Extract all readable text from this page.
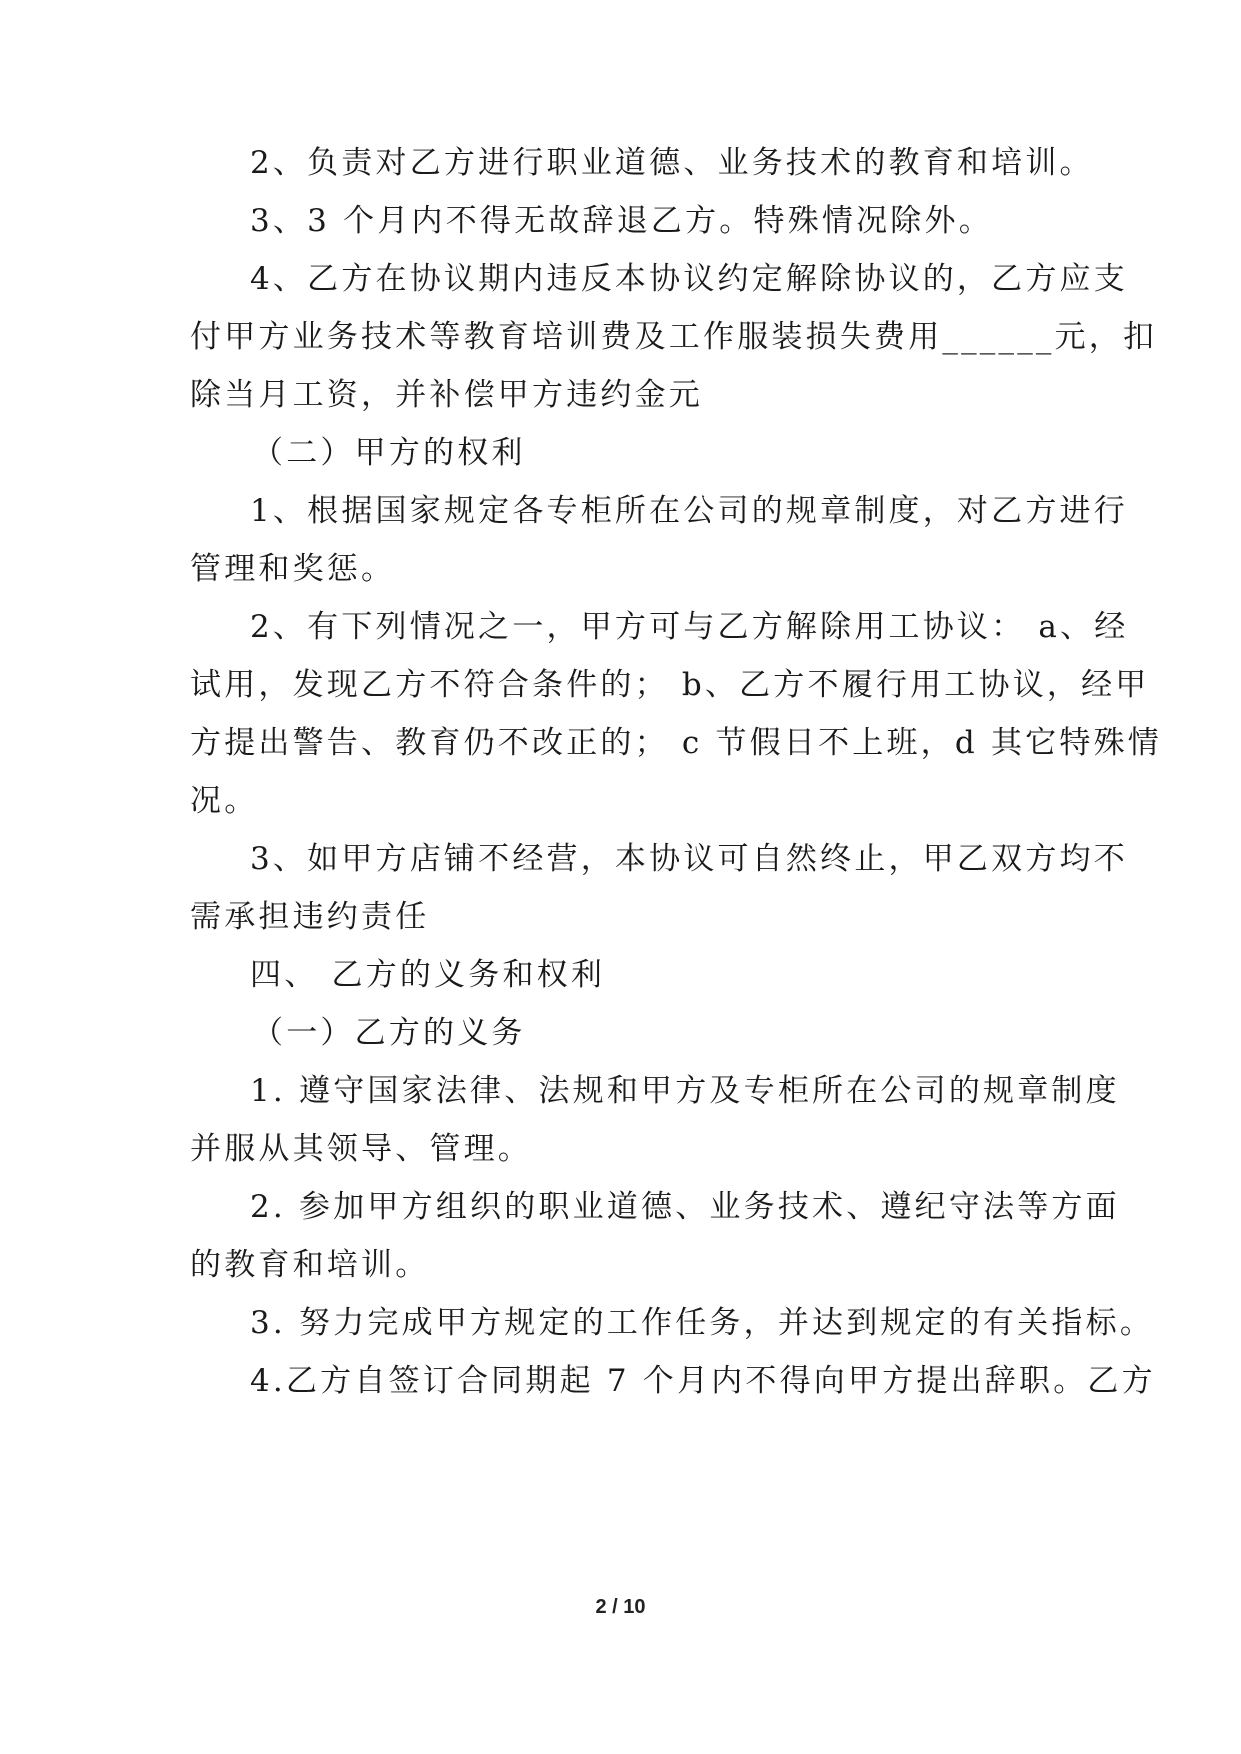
2、负责对乙方进行职业道德、业务技术的教育和培训。
3、3 个月内不得无故辞退乙方。特殊情况除外。
4、乙方在协议期内违反本协议约定解除协议的，乙方应支
付甲方业务技术等教育培训费及工作服装损失费用______元，扣
除当月工资，并补偿甲方违约金元
（二）甲方的权利
1、根据国家规定各专柜所在公司的规章制度，对乙方进行
管理和奖惩。
2、有下列情况之一，甲方可与乙方解除用工协议： a、经
试用，发现乙方不符合条件的； b、乙方不履行用工协议，经甲
方提出警告、教育仍不改正的； c 节假日不上班，d 其它特殊情
况。
3、如甲方店铺不经营，本协议可自然终止，甲乙双方均不
需承担违约责任
四、 乙方的义务和权利
（一）乙方的义务
1. 遵守国家法律、法规和甲方及专柜所在公司的规章制度
并服从其领导、管理。
2. 参加甲方组织的职业道德、业务技术、遵纪守法等方面
的教育和培训。
3. 努力完成甲方规定的工作任务，并达到规定的有关指标。
4.乙方自签订合同期起 7 个月内不得向甲方提出辞职。乙方
2 / 10
